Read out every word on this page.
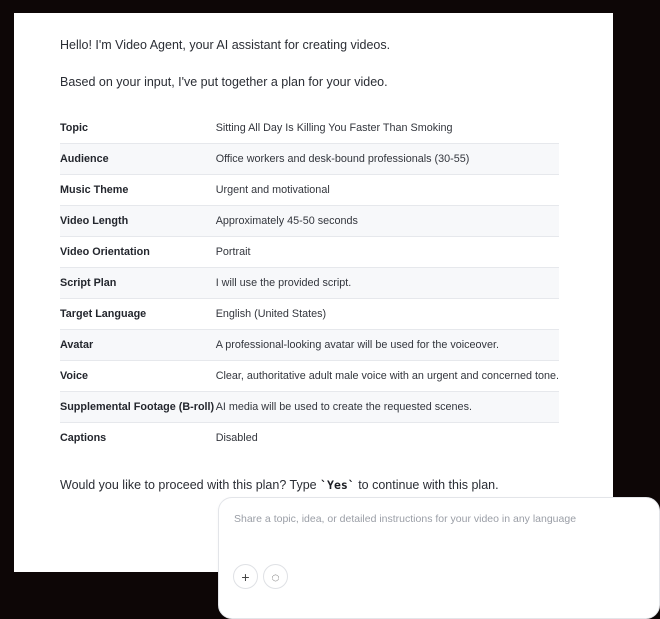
Hello! I'm Video Agent, your AI assistant for creating videos.
Based on your input, I've put together a plan for your video.
Topic	Sitting All Day Is Killing You Faster Than Smoking
Audience	Office workers and desk-bound professionals (30-55)
Music Theme	Urgent and motivational
Video Length	Approximately 45-50 seconds
Video Orientation	Portrait
Script Plan	I will use the provided script.
Target Language	English (United States)
Avatar	A professional-looking avatar will be used for the voiceover.
Voice	Clear, authoritative adult male voice with an urgent and concerned tone.
Supplemental Footage (B-roll)	AI media will be used to create the requested scenes.
Captions	Disabled
Would you like to proceed with this plan? Type `Yes` to continue with this plan.
Share a topic, idea, or detailed instructions for your video in any language
+ ◌
